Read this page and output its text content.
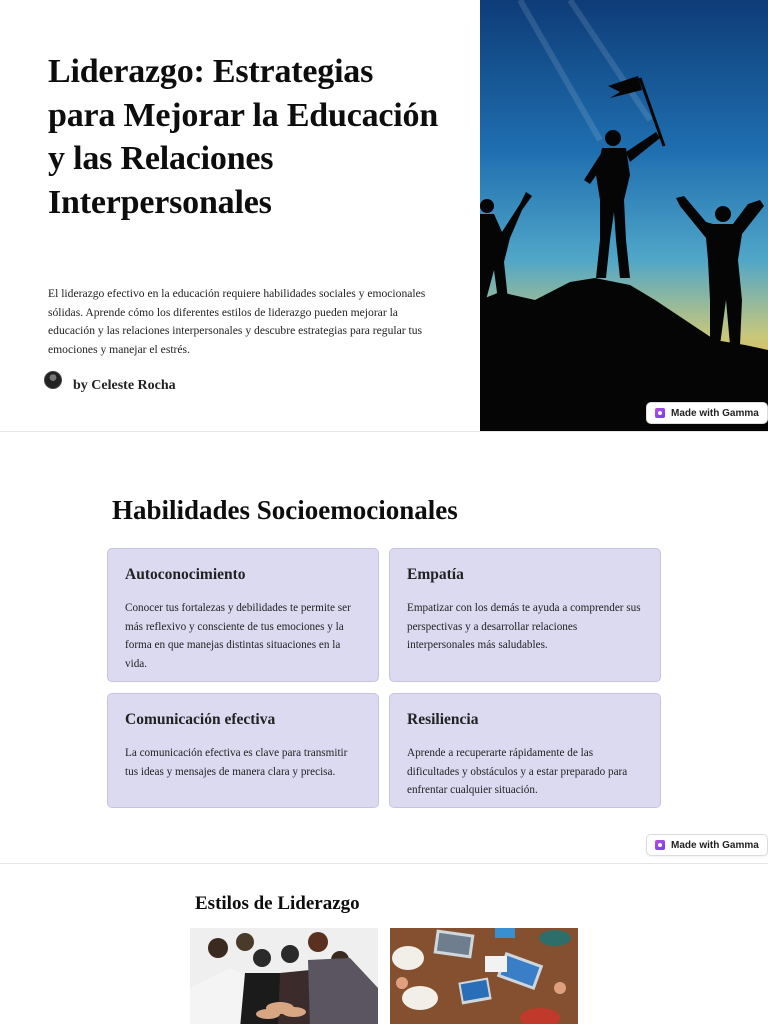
Liderazgo: Estrategias para Mejorar la Educación y las Relaciones Interpersonales

El liderazgo efectivo en la educación requiere habilidades sociales y emocionales sólidas. Aprende cómo los diferentes estilos de liderazgo pueden mejorar la educación y las relaciones interpersonales y descubre estrategias para regular tus emociones y manejar el estrés.

by Celeste Rocha
Made with Gamma
Habilidades Socioemocionales
Autoconocimiento
Conocer tus fortalezas y debilidades te permite ser más reflexivo y consciente de tus emociones y la forma en que manejas distintas situaciones en la vida.
Empatía
Empatizar con los demás te ayuda a comprender sus perspectivas y a desarrollar relaciones interpersonales más saludables.
Comunicación efectiva
La comunicación efectiva es clave para transmitir tus ideas y mensajes de manera clara y precisa.
Resiliencia
Aprende a recuperarte rápidamente de las dificultades y obstáculos y a estar preparado para enfrentar cualquier situación.
Made with Gamma
Estilos de Liderazgo
